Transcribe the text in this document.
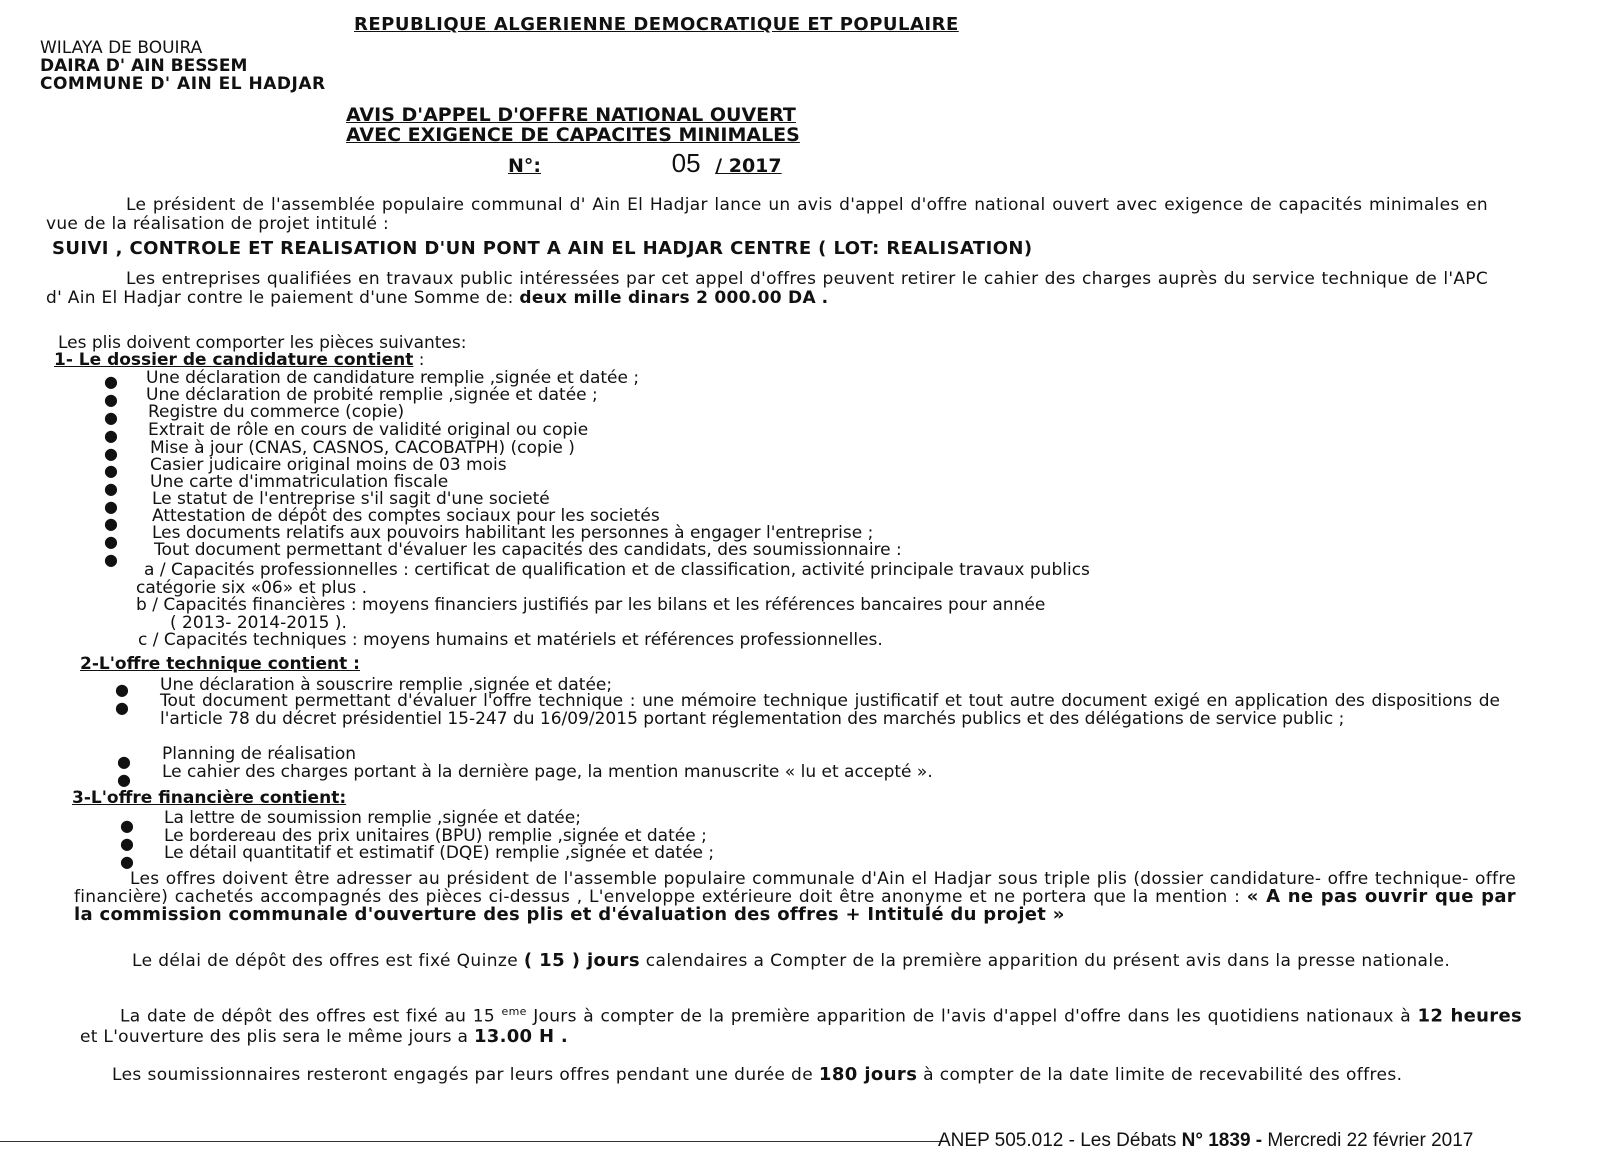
REPUBLIQUE ALGERIENNE DEMOCRATIQUE ET POPULAIRE
WILAYA DE BOUIRA
DAIRA D' AIN BESSEM
COMMUNE D' AIN EL HADJAR
AVIS D'APPEL D'OFFRE NATIONAL OUVERT
AVEC EXIGENCE DE CAPACITES MINIMALES
N°:	05 / 2017
Le président de l'assemblée populaire communal d' Ain El Hadjar lance un avis d'appel d'offre national ouvert avec exigence de capacités minimales en vue de la réalisation de projet intitulé :
SUIVI , CONTROLE ET REALISATION D'UN PONT A AIN EL HADJAR CENTRE ( LOT: REALISATION)
Les entreprises qualifiées en travaux public intéressées par cet appel d'offres peuvent retirer le cahier des charges auprès du service technique de l'APC d' Ain El Hadjar contre le paiement d'une Somme de: deux mille dinars 2 000.00 DA .
Les plis doivent comporter les pièces suivantes:
1- Le dossier de candidature contient :
● Une déclaration de candidature remplie ,signée et datée ;
● Une déclaration de probité remplie ,signée et datée ;
● Registre du commerce (copie)
● Extrait de rôle en cours de validité original ou copie
● Mise à jour (CNAS, CASNOS, CACOBATPH) (copie )
● Casier judicaire original moins de 03 mois
● Une carte d'immatriculation fiscale
● Le statut de l'entreprise s'il sagit d'une societé
● Attestation de dépôt des comptes sociaux pour les societés
● Les documents relatifs aux pouvoirs habilitant les personnes à engager l'entreprise ;
● Tout document permettant d'évaluer les capacités des candidats, des soumissionnaire :
a / Capacités professionnelles : certificat de qualification et de classification, activité principale travaux publics
catégorie six «06» et plus .
b / Capacités financières : moyens financiers justifiés par les bilans et les références bancaires pour année
( 2013- 2014-2015 ).
c / Capacités techniques : moyens humains et matériels et références professionnelles.
2-L'offre technique contient :
● Une déclaration à souscrire remplie ,signée et datée;
● Tout document permettant d'évaluer l'offre technique : une mémoire technique justificatif et tout autre document exigé en application des dispositions de l'article 78 du décret présidentiel 15-247 du 16/09/2015 portant réglementation des marchés publics et des délégations de service public ;
● Planning de réalisation
● Le cahier des charges portant à la dernière page, la mention manuscrite « lu et accepté ».
3-L'offre financière contient:
● La lettre de soumission remplie ,signée et datée;
● Le bordereau des prix unitaires (BPU) remplie ,signée et datée ;
● Le détail quantitatif et estimatif (DQE) remplie ,signée et datée ;
Les offres doivent être adresser au président de l'assemble populaire communale d'Ain el Hadjar sous triple plis (dossier candidature- offre technique- offre financière) cachetés accompagnés des pièces ci-dessus , L'enveloppe extérieure doit être anonyme et ne portera que la mention : « A ne pas ouvrir que par la commission communale d'ouverture des plis et d'évaluation des offres + Intitulé du projet »
Le délai de dépôt des offres est fixé Quinze ( 15 ) jours calendaires a Compter de la première apparition du présent avis dans la presse nationale.
La date de dépôt des offres est fixé au 15 $^{eme}$ Jours à compter de la première apparition de l'avis d'appel d'offre dans les quotidiens nationaux à 12 heures et L'ouverture des plis sera le même jours a 13.00 H .
Les soumissionnaires resteront engagés par leurs offres pendant une durée de 180 jours à compter de la date limite de recevabilité des offres.
ANEP 505.012 - Les Débats N° 1839 - Mercredi 22 février 2017
